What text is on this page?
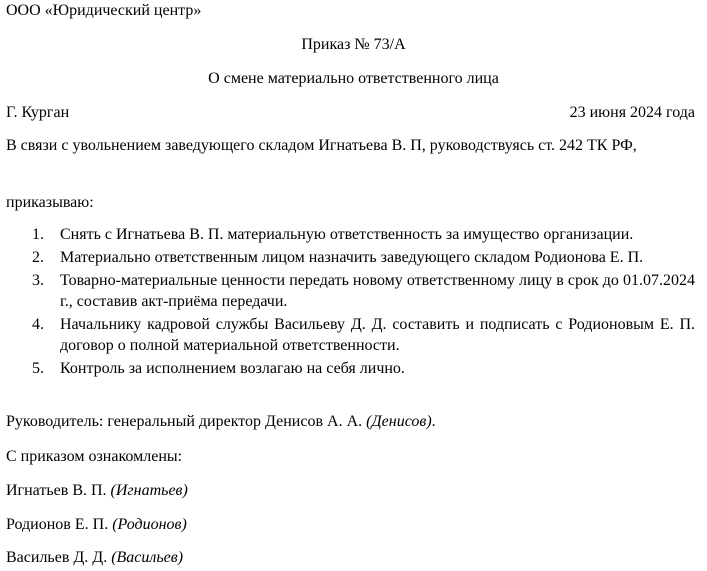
ООО «Юридический центр»
Приказ № 73/А
О смене материально ответственного лица
Г. Курган	23 июня 2024 года

В связи с увольнением заведующего складом Игнатьева В. П, руководствуясь ст. 242 ТК РФ,

приказываю:
1.	Снять с Игнатьева В. П. материальную ответственность за имущество организации.
2.	Материально ответственным лицом назначить заведующего складом Родионова Е. П.
3.	Товарно-материальные ценности передать новому ответственному лицу в срок до 01.07.2024 г., составив акт-приёма передачи.
4.	Начальнику кадровой службы Васильеву Д. Д. составить и подписать с Родионовым Е. П. договор о полной материальной ответственности.
5.	Контроль за исполнением возлагаю на себя лично.
Руководитель: генеральный директор Денисов А. А. (Денисов).
С приказом ознакомлены:
Игнатьев В. П. (Игнатьев)
Родионов Е. П. (Родионов)
Васильев Д. Д. (Васильев)
